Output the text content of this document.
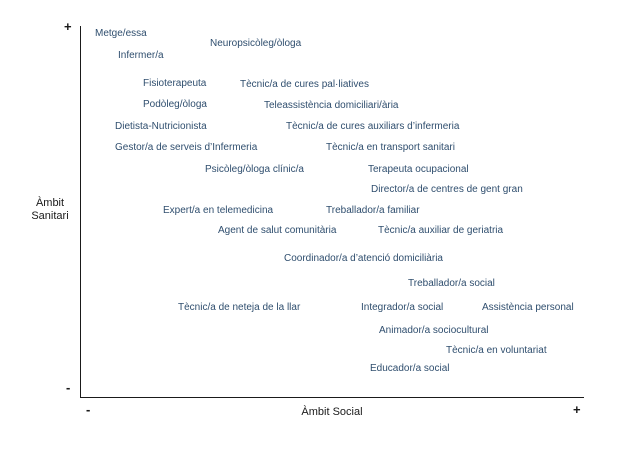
+
-
-	+
Àmbit
Sanitari
Àmbit Social
Metge/essa
Neuropsicòleg/òloga
Infermer/a
Fisioterapeuta	Tècnic/a de cures pal·liatives
Podòleg/òloga	Teleassistència domiciliari/ària
Dietista-Nutricionista	Tècnic/a de cures auxiliars d’infermeria
Gestor/a de serveis d’Infermeria	Tècnic/a en transport sanitari
Psicòleg/òloga clínic/a	Terapeuta ocupacional
Director/a de centres de gent gran
Expert/a en telemedicina	Treballador/a familiar
Agent de salut comunitària	Tècnic/a auxiliar de geriatria
Coordinador/a d’atenció domiciliària
Treballador/a social
Tècnic/a de neteja de la llar	Integrador/a social	Assistència personal
Animador/a sociocultural
Tècnic/a en voluntariat
Educador/a social
